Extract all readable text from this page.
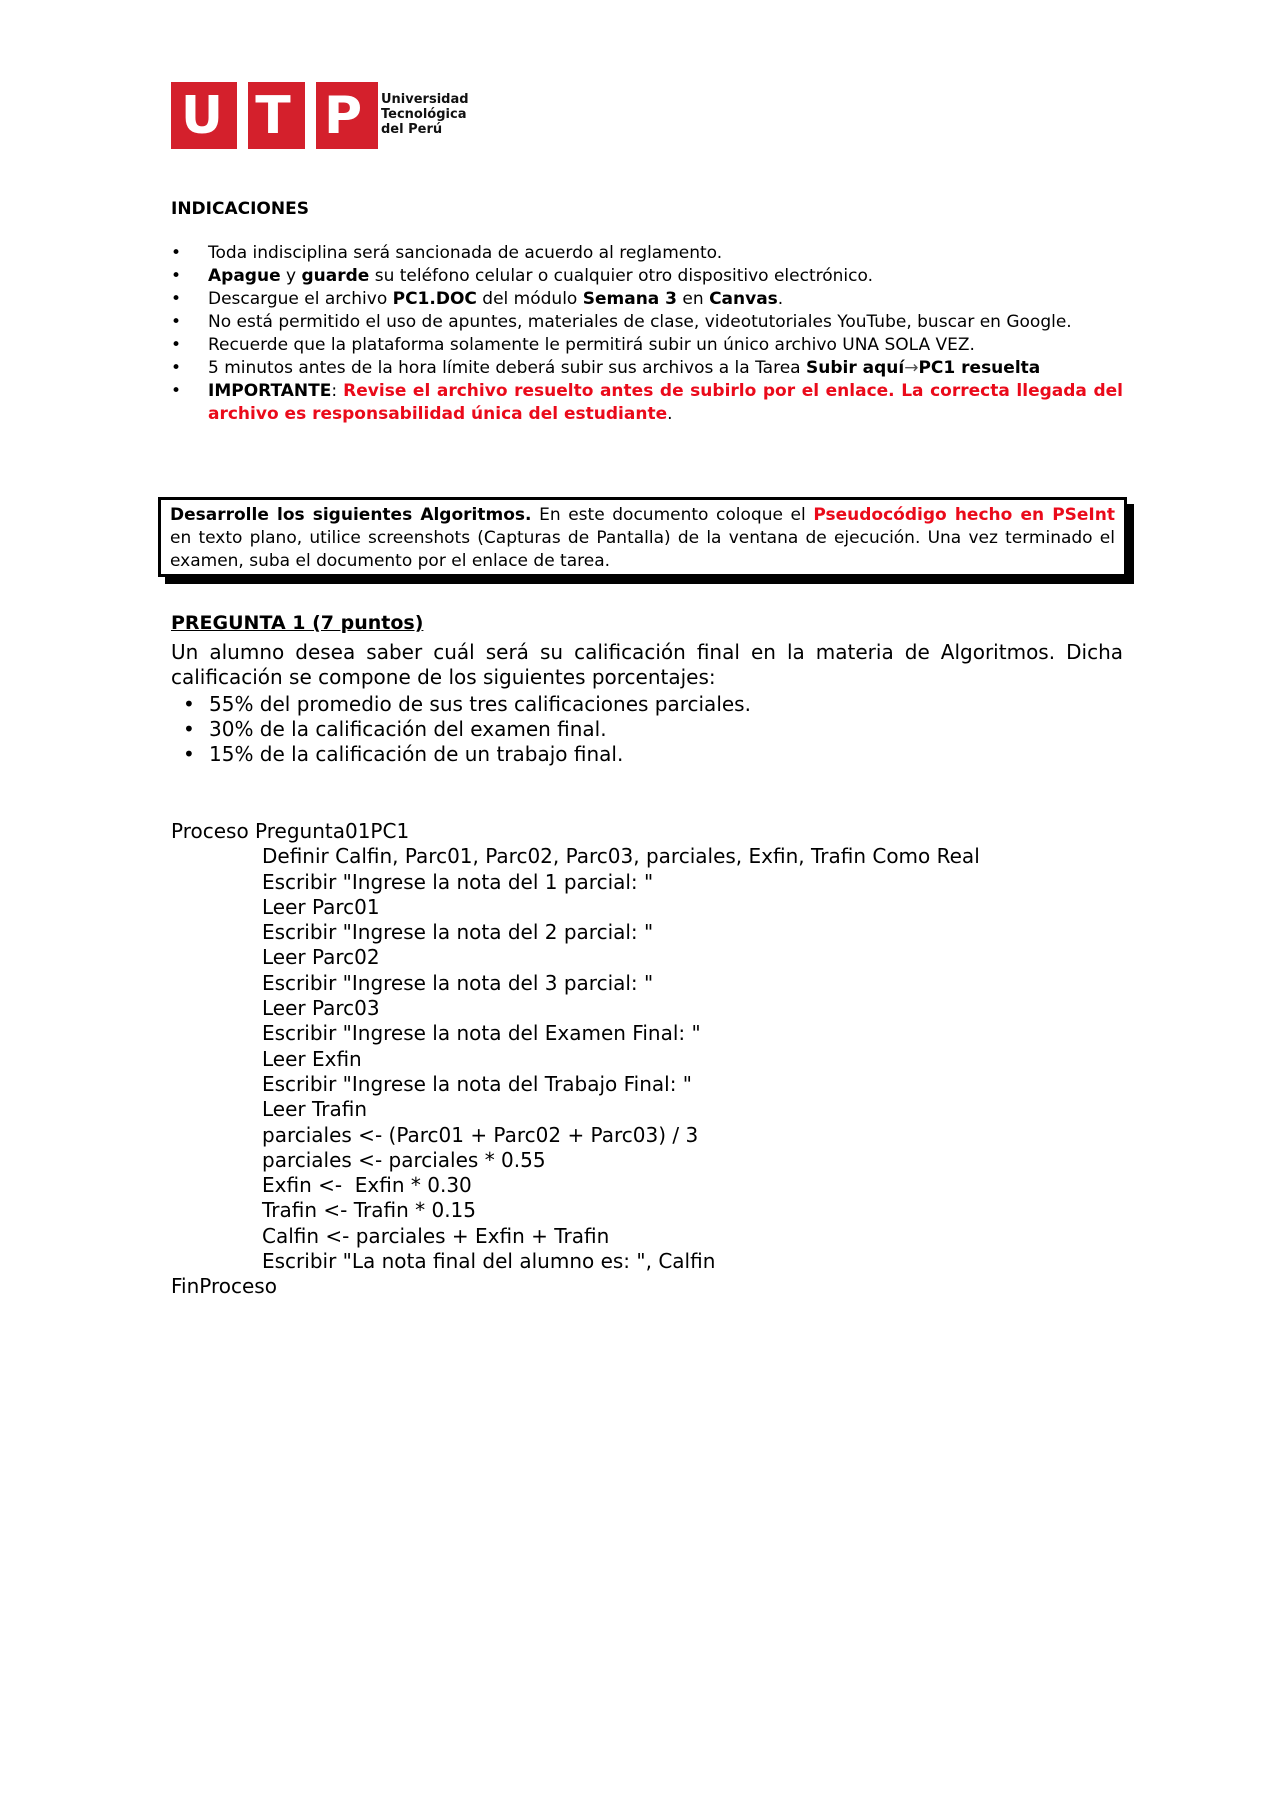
U T P Universidad
Tecnológica
del Perú
INDICACIONES
• Toda indisciplina será sancionada de acuerdo al reglamento.
• Apague y guarde su teléfono celular o cualquier otro dispositivo electrónico.
• Descargue el archivo PC1.DOC del módulo Semana 3 en Canvas.
• No está permitido el uso de apuntes, materiales de clase, videotutoriales YouTube, buscar en Google.
• Recuerde que la plataforma solamente le permitirá subir un único archivo UNA SOLA VEZ.
• 5 minutos antes de la hora límite deberá subir sus archivos a la Tarea Subir aquí→PC1 resuelta
• IMPORTANTE: Revise el archivo resuelto antes de subirlo por el enlace. La correcta llegada del archivo es responsabilidad única del estudiante.
Desarrolle los siguientes Algoritmos. En este documento coloque el Pseudocódigo hecho en PSeInt en texto plano, utilice screenshots (Capturas de Pantalla) de la ventana de ejecución. Una vez terminado el examen, suba el documento por el enlace de tarea.
PREGUNTA 1 (7 puntos)

Un alumno desea saber cuál será su calificación final en la materia de Algoritmos. Dicha calificación se compone de los siguientes porcentajes:

• 55% del promedio de sus tres calificaciones parciales.
• 30% de la calificación del examen final.
• 15% de la calificación de un trabajo final.
Proceso Pregunta01PC1
Definir Calfin, Parc01, Parc02, Parc03, parciales, Exfin, Trafin Como Real
Escribir "Ingrese la nota del 1 parcial: "
Leer Parc01
Escribir "Ingrese la nota del 2 parcial: "
Leer Parc02
Escribir "Ingrese la nota del 3 parcial: "
Leer Parc03
Escribir "Ingrese la nota del Examen Final: "
Leer Exfin
Escribir "Ingrese la nota del Trabajo Final: "
Leer Trafin
parciales <- (Parc01 + Parc02 + Parc03) / 3
parciales <- parciales * 0.55
Exfin <-  Exfin * 0.30
Trafin <- Trafin * 0.15
Calfin <- parciales + Exfin + Trafin
Escribir "La nota final del alumno es: ", Calfin
FinProceso
